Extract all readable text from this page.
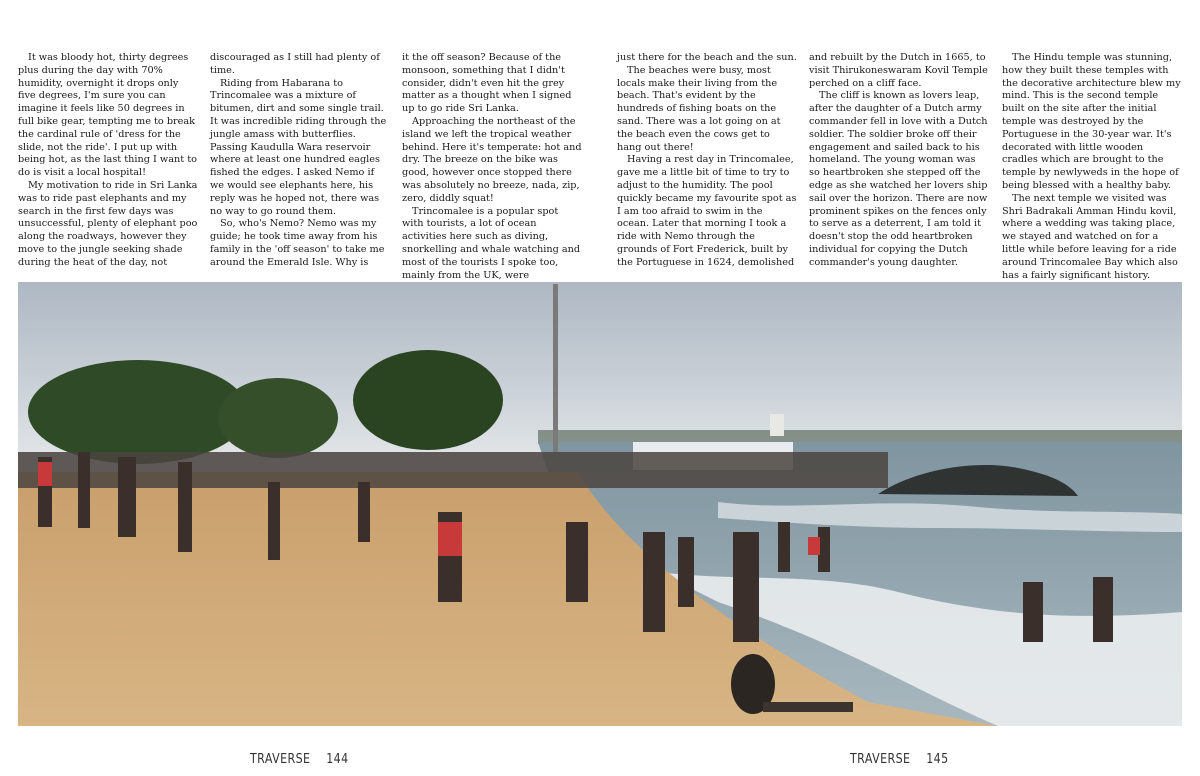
It was bloody hot, thirty degrees plus during the day with 70% humidity, overnight it drops only five degrees, I'm sure you can imagine it feels like 50 degrees in full bike gear, tempting me to break the cardinal rule of 'dress for the slide, not the ride'. I put up with being hot, as the last thing I want to do is visit a local hospital!

My motivation to ride in Sri Lanka was to ride past elephants and my search in the first few days was unsuccessful, plenty of elephant poo along the roadways, however they move to the jungle seeking shade during the heat of the day, not

discouraged as I still had plenty of time.

Riding from Habarana to Trincomalee was a mixture of bitumen, dirt and some single trail. It was incredible riding through the jungle amass with butterflies. Passing Kaudulla Wara reservoir where at least one hundred eagles fished the edges. I asked Nemo if we would see elephants here, his reply was he hoped not, there was no way to go round them.

So, who's Nemo? Nemo was my guide; he took time away from his family in the 'off season' to take me around the Emerald Isle. Why is

it the off season? Because of the monsoon, something that I didn't consider, didn't even hit the grey matter as a thought when I signed up to go ride Sri Lanka.

Approaching the northeast of the island we left the tropical weather behind. Here it's temperate: hot and dry. The breeze on the bike was good, however once stopped there was absolutely no breeze, nada, zip, zero, diddly squat!

Trincomalee is a popular spot with tourists, a lot of ocean activities here such as diving, snorkelling and whale watching and most of the tourists I spoke too, mainly from the UK, were

just there for the beach and the sun.

The beaches were busy, most locals make their living from the beach. That's evident by the hundreds of fishing boats on the sand. There was a lot going on at the beach even the cows get to hang out there!

Having a rest day in Trincomalee, gave me a little bit of time to try to adjust to the humidity. The pool quickly became my favourite spot as I am too afraid to swim in the ocean. Later that morning I took a ride with Nemo through the grounds of Fort Frederick, built by the Portuguese in 1624, demolished

and rebuilt by the Dutch in 1665, to visit Thirukoneswaram Kovil Temple perched on a cliff face.

The cliff is known as lovers leap, after the daughter of a Dutch army commander fell in love with a Dutch soldier. The soldier broke off their engagement and sailed back to his homeland. The young woman was so heartbroken she stepped off the edge as she watched her lovers ship sail over the horizon. There are now prominent spikes on the fences only to serve as a deterrent, I am told it doesn't stop the odd heartbroken individual for copying the Dutch commander's young daughter.

The Hindu temple was stunning, how they built these temples with the decorative architecture blew my mind. This is the second temple built on the site after the initial temple was destroyed by the Portuguese in the 30-year war. It's decorated with little wooden cradles which are brought to the temple by newlyweds in the hope of being blessed with a healthy baby.

The next temple we visited was Shri Badrakali Amman Hindu kovil, where a wedding was taking place, we stayed and watched on for a little while before leaving for a ride around Trincomalee Bay which also has a fairly significant history.

TRAVERSE 144	TRAVERSE 145
